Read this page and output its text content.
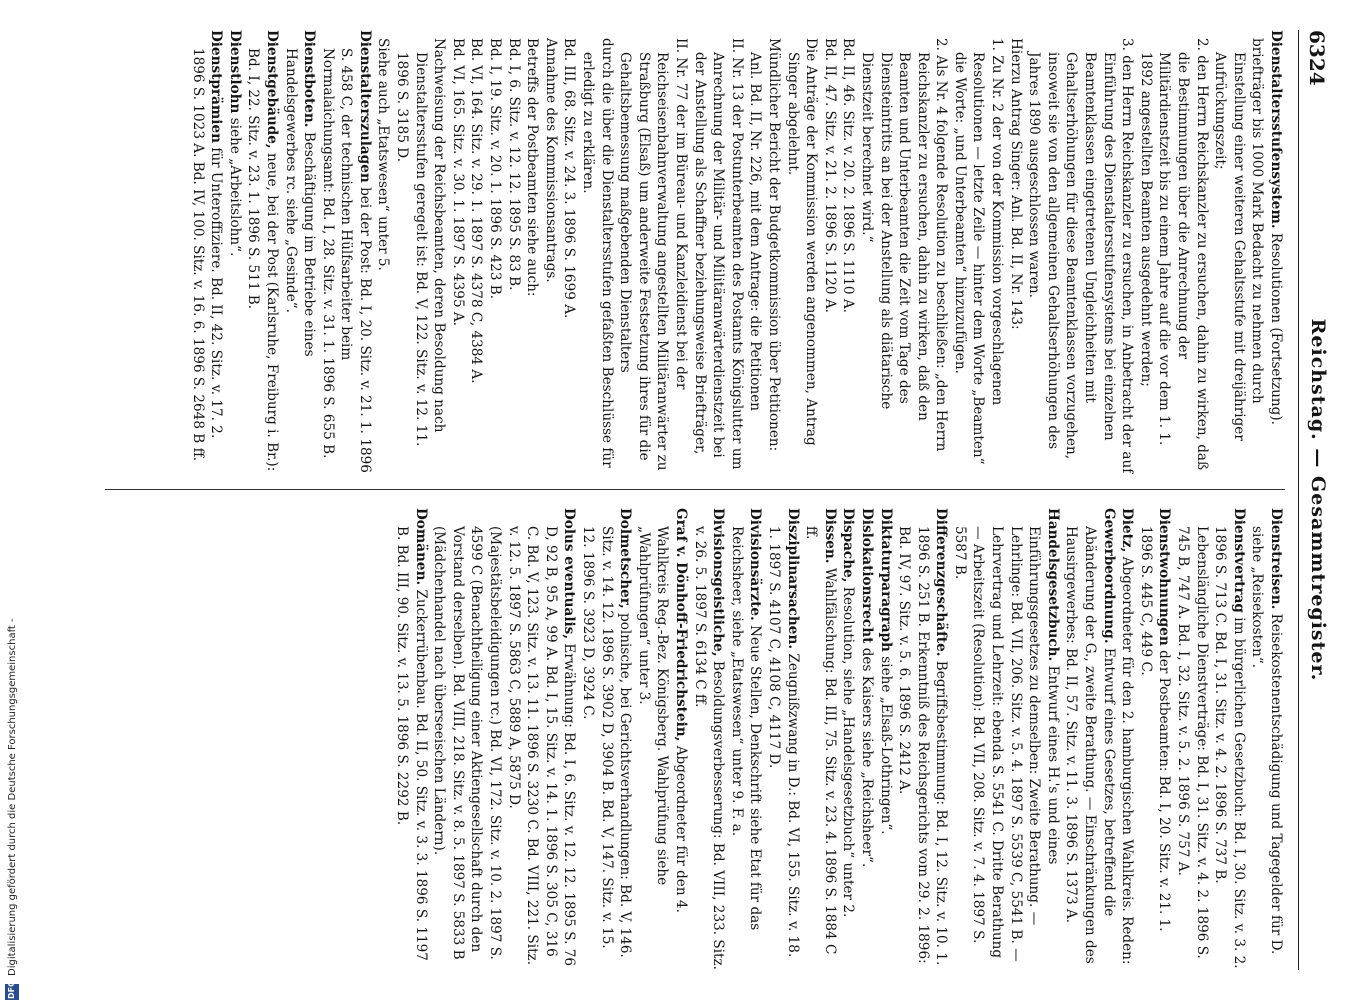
6324
Reichstag. — Gesammtregister.

Dienstaltersstufensystem. Resolutionen (Fortsetzung).

briefträger bis 1000 Mark Bedacht zu nehmen durch Einstellung einer weiteren Gehaltsstufe mit dreijähriger Aufrückungszeit;

2. den Herrn Reichskanzler zu ersuchen, dahin zu wirken, daß die Bestimmungen über die Anrechnung der Militärdienstzeit bis zu einem Jahre auf die vor dem 1. 1. 1892 angestellten Beamten ausgedehnt werden;

3. den Herrn Reichskanzler zu ersuchen, in Anbetracht der auf Einführung des Dienstaltersstufensystems bei einzelnen Beamtenklassen eingetretenen Ungleichheiten mit Gehaltserhöhungen für diese Beamtenklassen vorzugehen, insoweit sie von den allgemeinen Gehaltserhöhungen des Jahres 1890 ausgeschlossen waren.

Hierzu Antrag Singer: Anl. Bd. II, Nr. 143:

1. Zu Nr. 2 der von der Kommission vorgeschlagenen Resolutionen — letzte Zeile — hinter dem Worte „Beamten“ die Worte: „und Unterbeamten“ hinzuzufügen.

2. Als Nr. 4 folgende Resolution zu beschließen: „den Herrn Reichskanzler zu ersuchen, dahin zu wirken, daß den Beamten und Unterbeamten die Zeit vom Tage des Diensteintritts an bei der Anstellung als diätarische Dienstzeit berechnet wird.“

Bd. II, 46. Sitz. v. 20. 2. 1896 S. 1110 A.

Bd. II, 47. Sitz. v. 21. 2. 1896 S. 1120 A.

Die Anträge der Kommission werden angenommen, Antrag Singer abgelehnt.

Mündlicher Bericht der Budgetkommission über Petitionen: Anl. Bd. II, Nr. 226, mit dem Antrage: die Petitionen

II. Nr. 13 der Postunterbeamten des Postamts Königslutter um Anrechnung der Militär- und Militäranwärterdienstzeit bei der Anstellung als Schaffner beziehungsweise Briefträger,

II. Nr. 77 der im Büreau- und Kanzleidienst bei der Reichseisenbahnverwaltung angestellten Militäranwärter zu Straßburg (Elsaß) um anderweite Festsetzung ihres für die Gehaltsbemessung maßgebenden Dienstalters

durch die über die Dienstaltersstufen gefaßten Beschlüsse für erledigt zu erklären.

Bd. III, 68. Sitz. v. 24. 3. 1896 S. 1699 A.

Annahme des Kommissionsantrags.

Betreffs der Postbeamten siehe auch:

Bd. I, 6. Sitz. v. 12. 12. 1895 S. 83 B.

Bd. I, 19. Sitz. v. 20. 1. 1896 S. 423 B.

Bd. VI, 164. Sitz. v. 29. 1. 1897 S. 4378 C, 4384 A.

Bd. VI, 165. Sitz. v. 30. 1. 1897 S. 4395 A.

Nachweisung der Reichsbeamten, deren Besoldung nach Dienstaltersstufen geregelt ist: Bd. V, 122. Sitz. v. 12. 11. 1896 S. 3185 D.

Siehe auch „Etatswesen“ unter 5.

Dienstalterszulagen bei der Post: Bd. I, 20. Sitz. v. 21. 1. 1896 S. 458 C, der technischen Hülfsarbeiter beim Normalaichungsamt: Bd. I, 28. Sitz. v. 31. 1. 1896 S. 655 B.

Dienstboten. Beschäftigung im Betriebe eines Handelsgewerbes rc. siehe „Gesinde“.

Dienstgebäude, neue, bei der Post (Karlsruhe, Freiburg i. Br.): Bd. I, 22. Sitz. v. 23. 1. 1896 S. 511 B.

Dienstlohn siehe „Arbeitslohn“.

Dienstprämien für Unteroffiziere. Bd. II, 42. Sitz. v. 17. 2. 1896 S. 1023 A. Bd. IV, 100. Sitz. v. 16. 6. 1896 S. 2648 B ff.

Dienstreisen. Reisekostenentschädigung und Tagegelder für D. siehe „Reisekosten“.

Dienstvertrag im bürgerlichen Gesetzbuch: Bd. I, 30. Sitz. v. 3. 2. 1896 S. 713 C. Bd. I, 31. Sitz. v. 4. 2. 1896 S. 737 B. Lebenslängliche Dienstverträge: Bd. I, 31. Sitz. v. 4. 2. 1896 S. 745 B, 747 A. Bd. I, 32. Sitz. v. 5. 2. 1896 S. 757 A.

Dienstwohnungen der Postbeamten: Bd. I, 20. Sitz. v. 21. 1. 1896 S. 445 C, 449 C.

Dietz, Abgeordneter für den 2. hamburgischen Wahlkreis. Reden:

Gewerbeordnung. Entwurf eines Gesetzes, betreffend die Abänderung der G., zweite Berathung. — Einschränkungen des Hausirgewerbes: Bd. II, 57. Sitz. v. 11. 3. 1896 S. 1373 A.

Handelsgesetzbuch. Entwurf eines H.'s und eines Einführungsgesetzes zu demselben: Zweite Berathung. — Lehrlinge: Bd. VII, 206. Sitz. v. 5. 4. 1897 S. 5539 C, 5541 B. — Lehrvertrag und Lehrzeit: ebenda S. 5541 C. Dritte Berathung — Arbeitszeit (Resolution): Bd. VII, 208. Sitz. v. 7. 4. 1897 S. 5587 B.

Differenzgeschäfte. Begriffsbestimmung: Bd. I, 12. Sitz. v. 10. 1. 1896 S. 251 B. Erkenntniß des Reichsgerichts vom 29. 2. 1896: Bd. IV, 97. Sitz. v. 5. 6. 1896 S. 2412 A.

Diktaturparagraph siehe „Elsaß-Lothringen“.

Dislokationsrecht des Kaisers siehe „Reichsheer“.

Dispache, Resolution, siehe „Handelsgesetzbuch“ unter 2.

Dissen. Wahlfälschung: Bd. III, 75. Sitz. v. 23. 4. 1896 S. 1884 C ff.

Disziplinarsachen. Zeugnißzwang in D.: Bd. VI, 155. Sitz. v. 18. 1. 1897 S. 4107 C, 4108 C, 4117 D.

Divisionsärzte. Neue Stellen, Denkschrift siehe Etat für das Reichsheer, siehe „Etatswesen“ unter 9. F. a.

Divisionsgeistliche, Besoldungsverbesserung: Bd. VIII, 233. Sitz. v. 26. 5. 1897 S. 6134 C ff.

Graf v. Dönhoff-Friedrichstein, Abgeordneter für den 4. Wahlkreis Reg.-Bez. Königsberg. Wahlprüfung siehe „Wahlprüfungen“ unter 3.

Dolmetscher, polnische, bei Gerichtsverhandlungen: Bd. V, 146. Sitz. v. 14. 12. 1896 S. 3902 D, 3904 B. Bd. V, 147. Sitz. v. 15. 12. 1896 S. 3923 D, 3924 C.

Dolus eventualis, Erwähnung: Bd. I, 6. Sitz. v. 12. 12. 1895 S. 76 D, 92 B, 95 A, 99 A. Bd. I, 15. Sitz. v. 14. 1. 1896 S. 305 C, 316 C. Bd. V, 123. Sitz. v. 13. 11. 1896 S. 3230 C. Bd. VIII, 221. Sitz. v. 12. 5. 1897 S. 5863 C, 5889 A, 5875 D. (Majestätsbeleidigungen rc.) Bd. VI, 172. Sitz. v. 10. 2. 1897 S. 4599 C (Benachtheiligung einer Aktiengesellschaft durch den Vorstand derselben). Bd. VIII, 218. Sitz. v. 8. 5. 1897 S. 5833 B (Mädchenhandel nach überseeischen Ländern).

Domänen. Zuckerrübenbau. Bd. II, 50. Sitz. v. 3. 3. 1896 S. 1197 B. Bd. III, 90. Sitz. v. 13. 5. 1896 S. 2292 B.

DFG
Digitalisierung gefördert durch die Deutsche Forschungsgemeinschaft -
